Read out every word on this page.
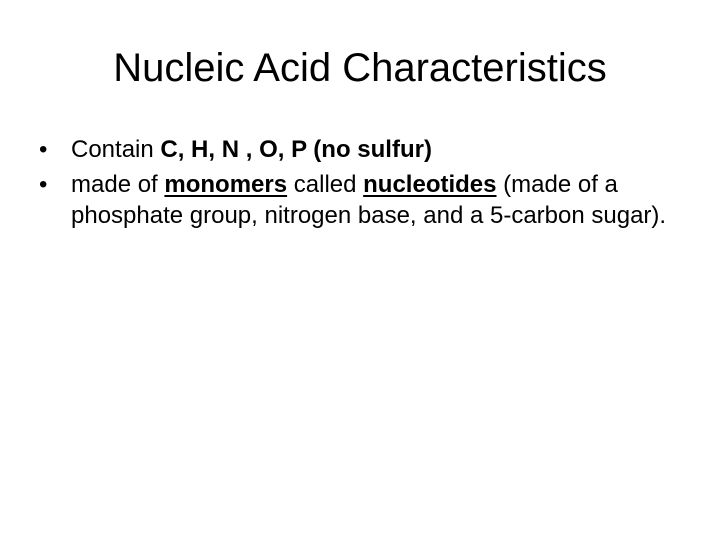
Nucleic Acid Characteristics
• Contain C, H, N , O, P (no sulfur)
• made of monomers called nucleotides (made of a phosphate group, nitrogen base, and a 5-carbon sugar).
